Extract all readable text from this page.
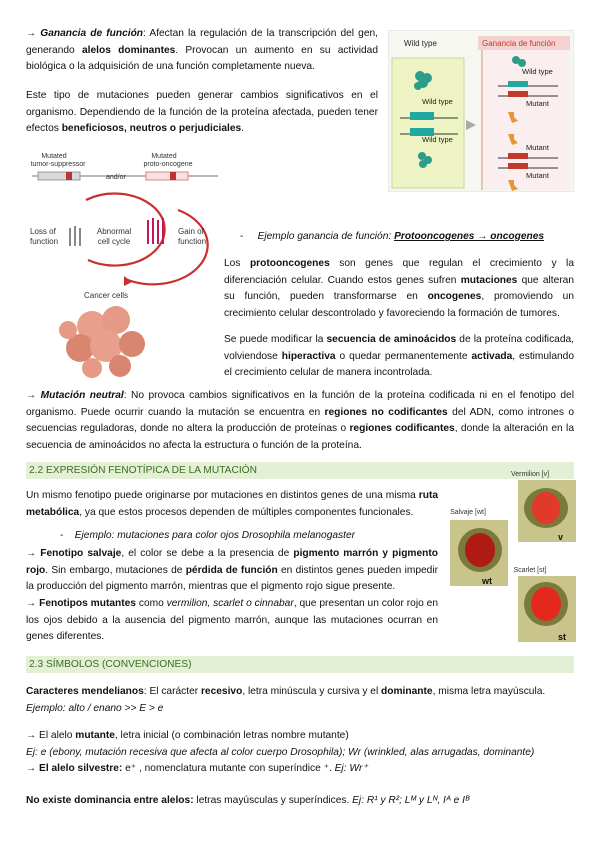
→ Ganancia de función: Afectan la regulación de la transcripción del gen, generando alelos dominantes. Provocan un aumento en su actividad biológica o la adquisición de una función completamente nueva.
Este tipo de mutaciones pueden generar cambios significativos en el organismo. Dependiendo de la función de la proteína afectada, pueden tener efectos beneficiosos, neutros o perjudiciales.
Wild type	Ganancia de función
Wild type
Wild type
Wild type
Mutant
Mutant
Mutant
Mutated
tumor-suppressor
Mutated
proto-oncogene
and/or
Loss of
function
Abnormal
cell cycle
Gain of
function
Cancer cells
- Ejemplo ganancia de función: Protooncogenes → oncogenes
Los protooncogenes son genes que regulan el crecimiento y la diferenciación celular. Cuando estos genes sufren mutaciones que alteran su función, pueden transformarse en oncogenes, promoviendo un crecimiento celular descontrolado y favoreciendo la formación de tumores.
Se puede modificar la secuencia de aminoácidos de la proteína codificada, volviendose hiperactiva o quedar permanentemente activada, estimulando el crecimiento celular de manera incontrolada.
→ Mutación neutral: No provoca cambios significativos en la función de la proteína codificada ni en el fenotipo del organismo. Puede ocurrir cuando la mutación se encuentra en regiones no codificantes del ADN, como intrones o secuencias reguladoras, donde no altera la producción de proteínas o regiones codificantes, donde la alteración en la secuencia de aminoácidos no afecta la estructura o función de la proteína.
2.2 EXPRESIÓN FENOTÍPICA DE LA MUTACIÓN
Un mismo fenotipo puede originarse por mutaciones en distintos genes de una misma ruta metabólica, ya que estos procesos dependen de múltiples componentes funcionales.
- Ejemplo: mutaciones para color ojos Drosophila melanogaster
→ Fenotipo salvaje, el color se debe a la presencia de pigmento marrón y pigmento rojo. Sin embargo, mutaciones de pérdida de función en distintos genes pueden impedir la producción del pigmento marrón, mientras que el pigmento rojo sigue presente.
→ Fenotipos mutantes como vermilion, scarlet o cinnabar, que presentan un color rojo en los ojos debido a la ausencia del pigmento marrón, aunque las mutaciones ocurran en genes diferentes.
Vermilion [v]
Salvaje [wt]
Scarlet [st]
v
wt
st
2.3 SÍMBOLOS (CONVENCIONES)
Caracteres mendelianos: El carácter recesivo, letra minúscula y cursiva y el dominante, misma letra mayúscula.
Ejemplo: alto / enano >> E > e
→ El alelo mutante, letra inicial (o combinación letras nombre mutante)
Ej: e (ebony, mutación recesiva que afecta al color cuerpo Drosophila); Wr (wrinkled, alas arrugadas, dominante)
→ El alelo silvestre: e⁺ , nomenclatura mutante con superíndice ⁺. Ej: Wr⁺
No existe dominancia entre alelos: letras mayúsculas y superíndices. Ej: R¹ y R²; Lᴹ y Lᴺ, Iᴬ e Iᴮ
